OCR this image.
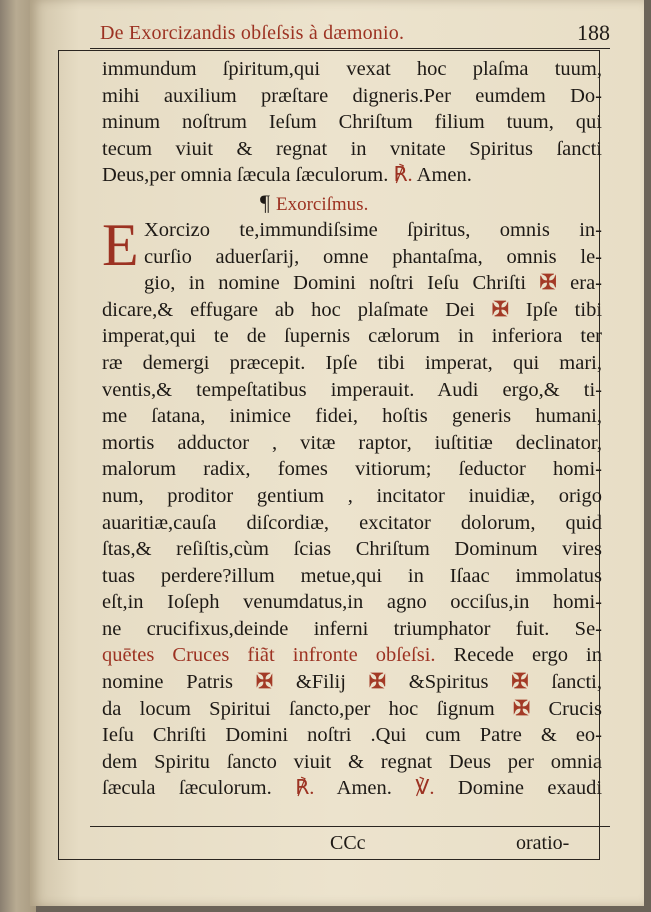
De Exorcizandis obſeſsis à dæmonio.	188
immundum ſpiritum,qui vexat hoc plaſma tuum,
mihi auxilium præſtare digneris.Per eumdem Do-
minum noſtrum Ieſum Chriſtum filium tuum, qui
tecum viuit & regnat in vnitate Spiritus ſancti
Deus,per omnia ſæcula ſæculorum. ℟. Amen.
¶ Exorciſmus.
E Xorcizo te,immundiſsime ſpiritus, omnis in-
curſio aduerſarij, omne phantaſma, omnis le-
gio, in nomine Domini noſtri Ieſu Chriſti ✠ era-
dicare,& effugare ab hoc plaſmate Dei ✠ Ipſe tibi
imperat,qui te de ſupernis cælorum in inferiora ter
ræ demergi præcepit. Ipſe tibi imperat, qui mari,
ventis,& tempeſtatibus imperauit. Audi ergo,& ti-
me ſatana, inimice fidei, hoſtis generis humani,
mortis adductor , vitæ raptor, iuſtitiæ declinator,
malorum radix, fomes vitiorum; ſeductor homi-
num, proditor gentium , incitator inuidiæ, origo
auaritiæ,cauſa diſcordiæ, excitator dolorum, quid
ſtas,& reſiſtis,cùm ſcias Chriſtum Dominum vires
tuas perdere?illum metue,qui in Iſaac immolatus
eſt,in Ioſeph venumdatus,in agno occiſus,in homi-
ne crucifixus,deinde inferni triumphator fuit. Se-
quētes Cruces fiãt infronte obſeſsi. Recede ergo in
nomine Patris ✠ &Filij ✠ &Spiritus ✠ ſancti,
da locum Spiritui ſancto,per hoc ſignum ✠ Crucis
Ieſu Chriſti Domini noſtri .Qui cum Patre & eo-
dem Spiritu ſancto viuit & regnat Deus per omnia
ſæcula ſæculorum. ℟. Amen. ℣. Domine exaudi
CCc	oratio-
